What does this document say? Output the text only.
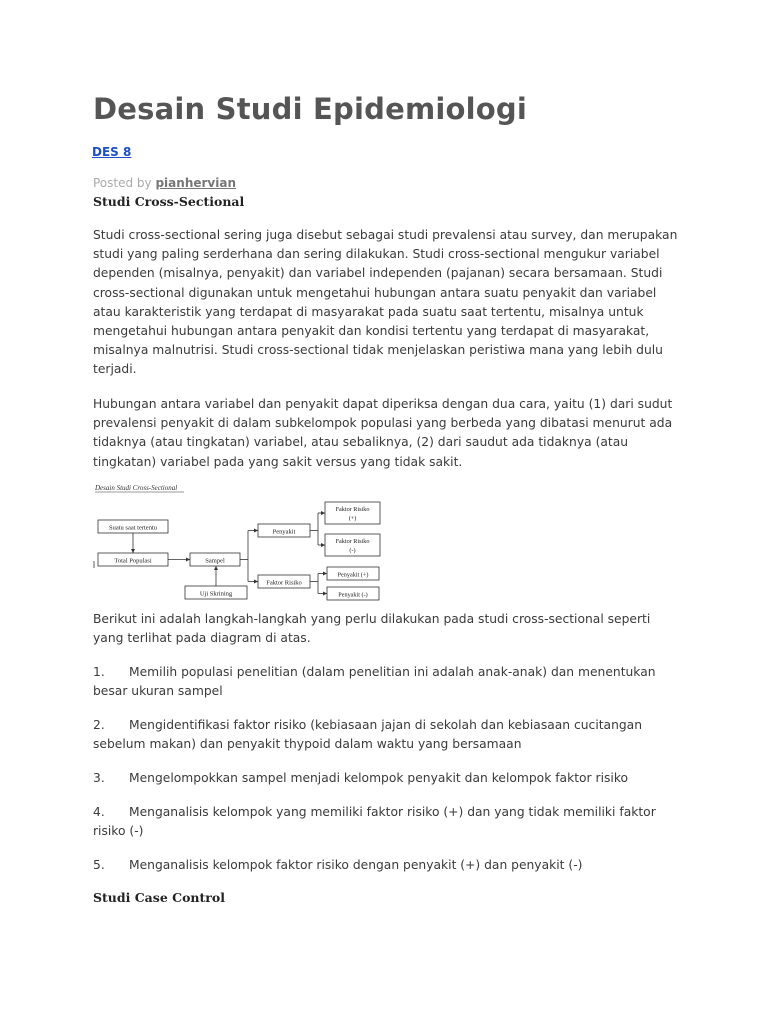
Desain Studi Epidemiologi
DES 8
Posted by pianhervian
Studi Cross-Sectional

Studi cross-sectional sering juga disebut sebagai studi prevalensi atau survey, dan merupakan studi yang paling serderhana dan sering dilakukan. Studi cross-sectional mengukur variabel dependen (misalnya, penyakit) dan variabel independen (pajanan) secara bersamaan. Studi cross-sectional digunakan untuk mengetahui hubungan antara suatu penyakit dan variabel atau karakteristik yang terdapat di masyarakat pada suatu saat tertentu, misalnya untuk mengetahui hubungan antara penyakit dan kondisi tertentu yang terdapat di masyarakat, misalnya malnutrisi. Studi cross-sectional tidak menjelaskan peristiwa mana yang lebih dulu terjadi.

Hubungan antara variabel dan penyakit dapat diperiksa dengan dua cara, yaitu (1) dari sudut prevalensi penyakit di dalam subkelompok populasi yang berbeda yang dibatasi menurut ada tidaknya (atau tingkatan) variabel, atau sebaliknya, (2) dari saudut ada tidaknya (atau tingkatan) variabel pada yang sakit versus yang tidak sakit.

Desain Studi Cross-Sectional
Suatu saat tertentu
Total Populasi	Sampel
Uji Skrining
Penyakit
Faktor Risiko
Faktor Risiko
(+)
Faktor Risiko
(-)
Penyakit (+)
Penyakit (-)

Berikut ini adalah langkah-langkah yang perlu dilakukan pada studi cross-sectional seperti yang terlihat pada diagram di atas.

1. Memilih populasi penelitian (dalam penelitian ini adalah anak-anak) dan menentukan besar ukuran sampel

2. Mengidentifikasi faktor risiko (kebiasaan jajan di sekolah dan kebiasaan cucitangan sebelum makan) dan penyakit thypoid dalam waktu yang bersamaan

3. Mengelompokkan sampel menjadi kelompok penyakit dan kelompok faktor risiko

4. Menganalisis kelompok yang memiliki faktor risiko (+) dan yang tidak memiliki faktor risiko (-)

5. Menganalisis kelompok faktor risiko dengan penyakit (+) dan penyakit (-)

Studi Case Control
